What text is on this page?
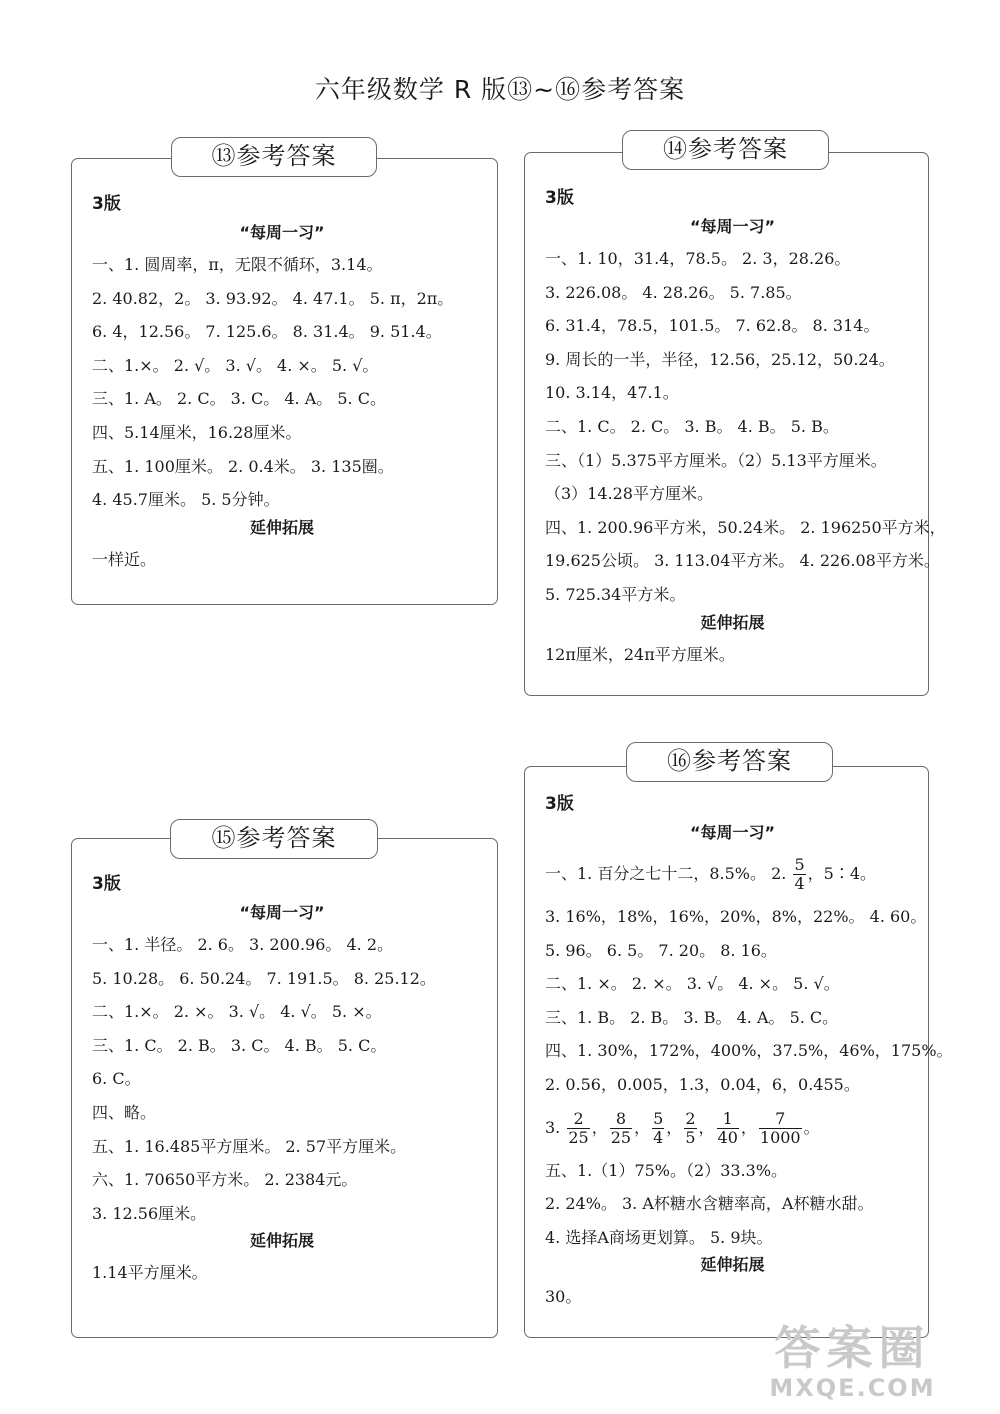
六年级数学 R 版⑬~⑯参考答案
3版
“每周一习”
一、1. 圆周率，π，无限不循环，3.14。
2. 40.82，2。 3. 93.92。 4. 47.1。 5. π，2π。
6. 4，12.56。 7. 125.6。 8. 31.4。 9. 51.4。
二、1.×。 2. √。 3. √。 4. ×。 5. √。
三、1. A。 2. C。 3. C。 4. A。 5. C。
四、5.14厘米，16.28厘米。
五、1. 100厘米。 2. 0.4米。 3. 135圈。
4. 45.7厘米。 5. 5分钟。
延伸拓展
一样近。
⑬参考答案
3版
“每周一习”
一、1. 10，31.4，78.5。 2. 3，28.26。
3. 226.08。 4. 28.26。 5. 7.85。
6. 31.4，78.5，101.5。 7. 62.8。 8. 314。
9. 周长的一半，半径，12.56，25.12，50.24。
10. 3.14，47.1。
二、1. C。 2. C。 3. B。 4. B。 5. B。
三、（1）5.375平方厘米。（2）5.13平方厘米。
（3）14.28平方厘米。
四、1. 200.96平方米，50.24米。 2. 196250平方米，
19.625公顷。 3. 113.04平方米。 4. 226.08平方米。
5. 725.34平方米。
延伸拓展
12π厘米，24π平方厘米。
⑭参考答案
3版
“每周一习”
一、1. 半径。 2. 6。 3. 200.96。 4. 2。
5. 10.28。 6. 50.24。 7. 191.5。 8. 25.12。
二、1.×。 2. ×。 3. √。 4. √。 5. ×。
三、1. C。 2. B。 3. C。 4. B。 5. C。
6. C。
四、略。
五、1. 16.485平方厘米。 2. 57平方厘米。
六、1. 70650平方米。 2. 2384元。
3. 12.56厘米。
延伸拓展
1.14平方厘米。
⑮参考答案
3版
“每周一习”
一、1. 百分之七十二，8.5%。 2. $\frac{5}{4}$ ，5∶4。
3. 16%，18%，16%，20%，8%，22%。 4. 60。
5. 96。 6. 5。 7. 20。 8. 16。
二、1. ×。 2. ×。 3. √。 4. ×。 5. √。
三、1. B。 2. B。 3. B。 4. A。 5. C。
四、1. 30%，172%，400%，37.5%，46%，175%。
2. 0.56，0.005，1.3，0.04，6，0.455。
3. $\frac{2}{25}$ ， $\frac{8}{25}$ ， $\frac{5}{4}$ ， $\frac{2}{5}$ ， $\frac{1}{40}$ ， $\frac{7}{1000}$ 。
五、1.（1）75%。（2）33.3%。
2. 24%。 3. A杯糖水含糖率高，A杯糖水甜。
4. 选择A商场更划算。 5. 9块。
延伸拓展
30。
⑯参考答案
答案圈
MXQE.COM
